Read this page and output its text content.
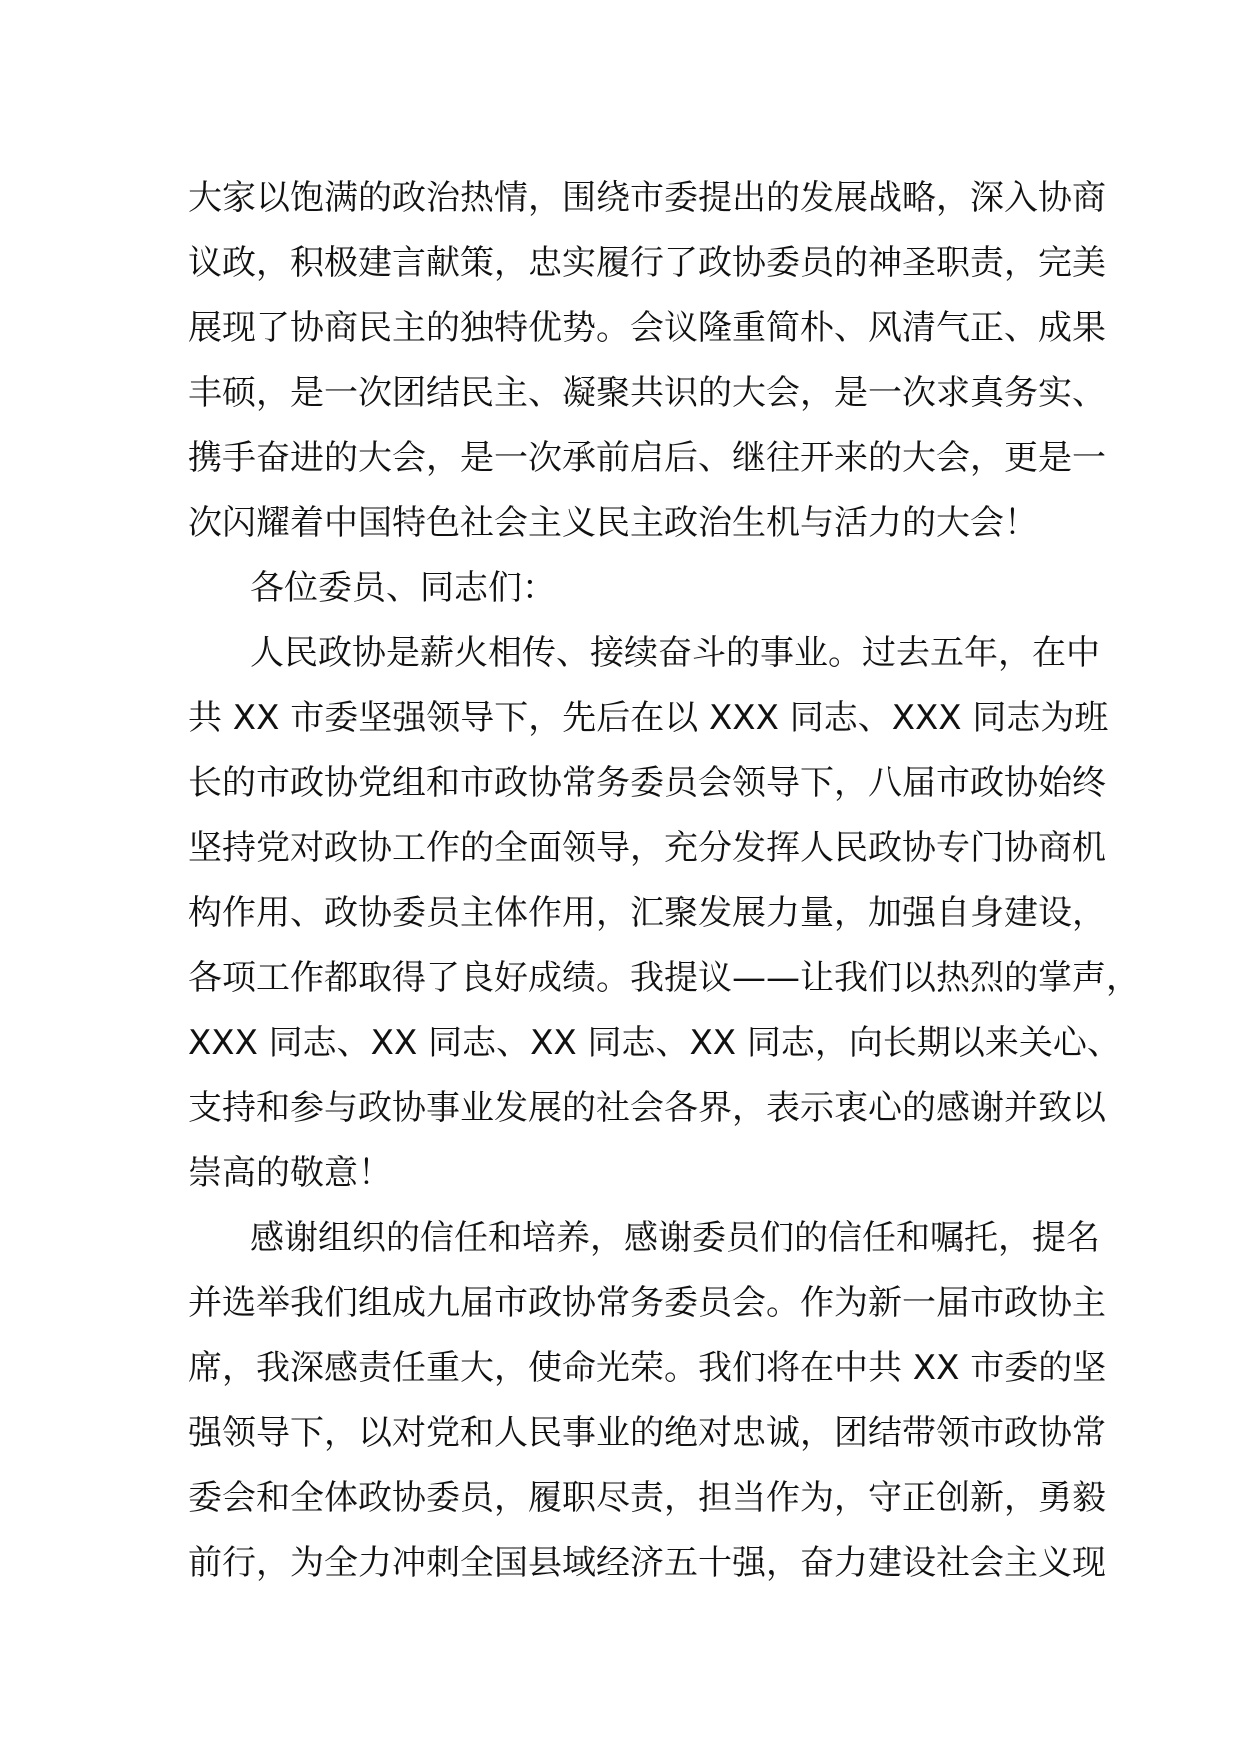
大家以饱满的政治热情，围绕市委提出的发展战略，深入协商
议政，积极建言献策，忠实履行了政协委员的神圣职责，完美
展现了协商民主的独特优势。会议隆重简朴、风清气正、成果
丰硕，是一次团结民主、凝聚共识的大会，是一次求真务实、
携手奋进的大会，是一次承前启后、继往开来的大会，更是一
次闪耀着中国特色社会主义民主政治生机与活力的大会！
各位委员、同志们：
人民政协是薪火相传、接续奋斗的事业。过去五年，在中
共 XX 市委坚强领导下，先后在以 XXX 同志、XXX 同志为班
长的市政协党组和市政协常务委员会领导下，八届市政协始终
坚持党对政协工作的全面领导，充分发挥人民政协专门协商机
构作用、政协委员主体作用，汇聚发展力量，加强自身建设，
各项工作都取得了良好成绩。我提议——让我们以热烈的掌声，
XXX 同志、XX 同志、XX 同志、XX 同志，向长期以来关心、
支持和参与政协事业发展的社会各界，表示衷心的感谢并致以
崇高的敬意！
感谢组织的信任和培养，感谢委员们的信任和嘱托，提名
并选举我们组成九届市政协常务委员会。作为新一届市政协主
席，我深感责任重大，使命光荣。我们将在中共 XX 市委的坚
强领导下，以对党和人民事业的绝对忠诚，团结带领市政协常
委会和全体政协委员，履职尽责，担当作为，守正创新，勇毅
前行，为全力冲刺全国县域经济五十强，奋力建设社会主义现
